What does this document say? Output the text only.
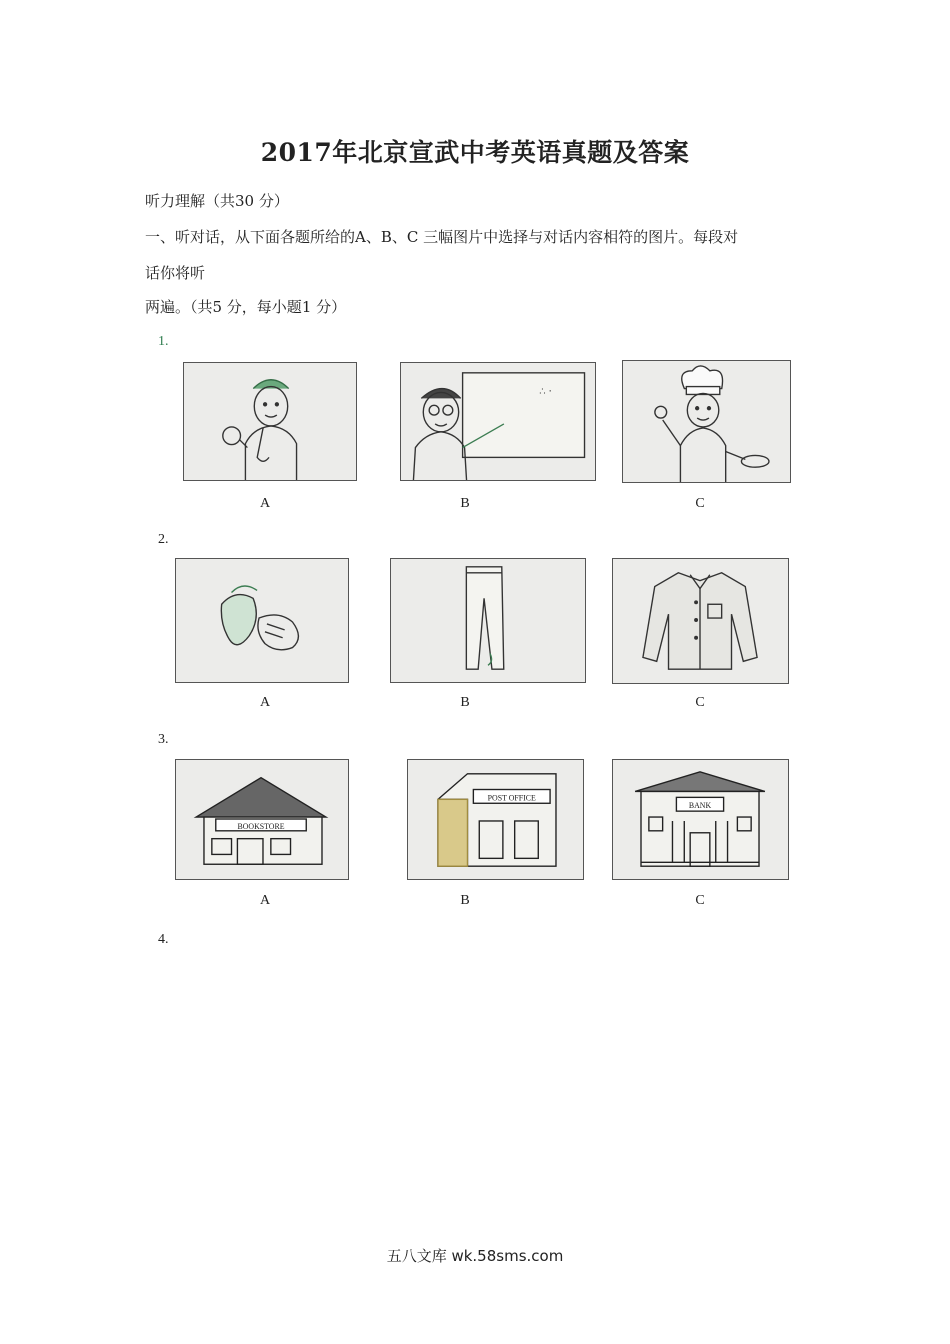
2017年北京宣武中考英语真题及答案
听力理解（共30 分）
一、听对话，从下面各题所给的A、B、C 三幅图片中选择与对话内容相符的图片。每段对
话你将听
两遍。（共5 分，每小题1 分）
1.
∴ ·
A	B	C
2.
A	B	C
3.
BOOKSTORE
POST OFFICE
BANK
A	B	C
4.
五八文库 wk.58sms.com
